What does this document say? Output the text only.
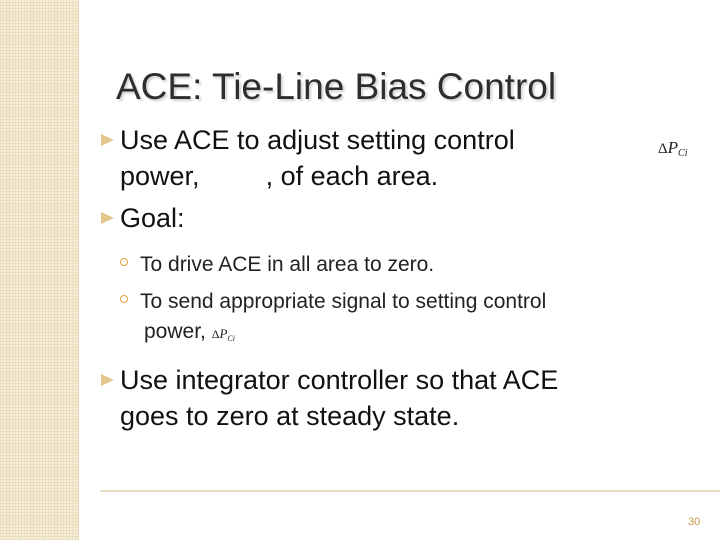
ACE: Tie-Line Bias Control
$\Delta P_{Ci}$
Use ACE to adjust setting control
power, , of each area.
Goal:
To drive ACE in all area to zero.
To send appropriate signal to setting control
power, $\Delta P_{Ci}$
Use integrator controller so that ACE
goes to zero at steady state.
30
